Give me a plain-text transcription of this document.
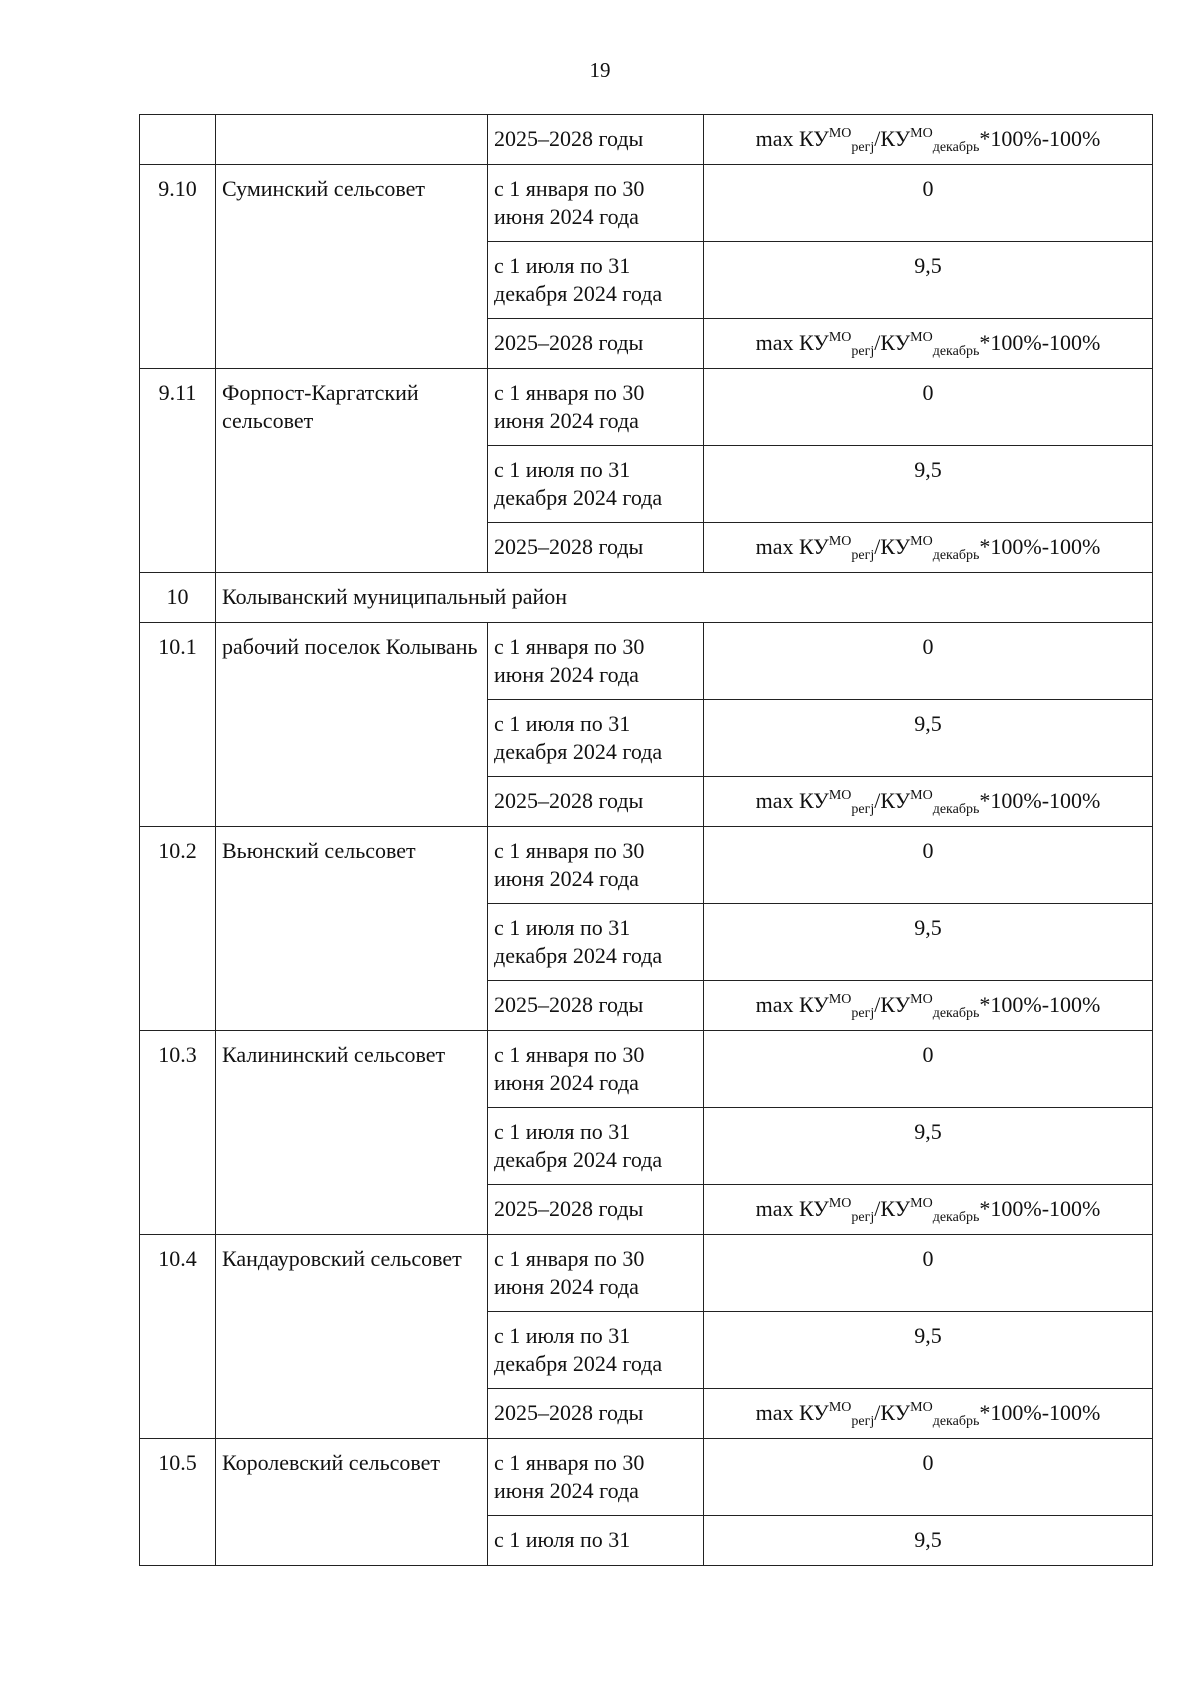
19
		2025–2028 годы	$\max КУ^{МО}_{регj}/КУ^{МО}_{декабрь}*100\%-100\%$
9.10	Суминский сельсовет	с 1 января по 30 июня 2024 года	0
		с 1 июля по 31 декабря 2024 года	9,5
		2025–2028 годы	$\max КУ^{МО}_{регj}/КУ^{МО}_{декабрь}*100\%-100\%$
9.11	Форпост-Каргатский сельсовет	с 1 января по 30 июня 2024 года	0
		с 1 июля по 31 декабря 2024 года	9,5
		2025–2028 годы	$\max КУ^{МО}_{регj}/КУ^{МО}_{декабрь}*100\%-100\%$
10	Колыванский муниципальный район		
10.1	рабочий поселок Колывань	с 1 января по 30 июня 2024 года	0
		с 1 июля по 31 декабря 2024 года	9,5
		2025–2028 годы	$\max КУ^{МО}_{регj}/КУ^{МО}_{декабрь}*100\%-100\%$
10.2	Вьюнский сельсовет	с 1 января по 30 июня 2024 года	0
		с 1 июля по 31 декабря 2024 года	9,5
		2025–2028 годы	$\max КУ^{МО}_{регj}/КУ^{МО}_{декабрь}*100\%-100\%$
10.3	Калининский сельсовет	с 1 января по 30 июня 2024 года	0
		с 1 июля по 31 декабря 2024 года	9,5
		2025–2028 годы	$\max КУ^{МО}_{регj}/КУ^{МО}_{декабрь}*100\%-100\%$
10.4	Кандауровский сельсовет	с 1 января по 30 июня 2024 года	0
		с 1 июля по 31 декабря 2024 года	9,5
		2025–2028 годы	$\max КУ^{МО}_{регj}/КУ^{МО}_{декабрь}*100\%-100\%$
10.5	Королевский сельсовет	с 1 января по 30 июня 2024 года	0
		с 1 июля по 31	9,5
